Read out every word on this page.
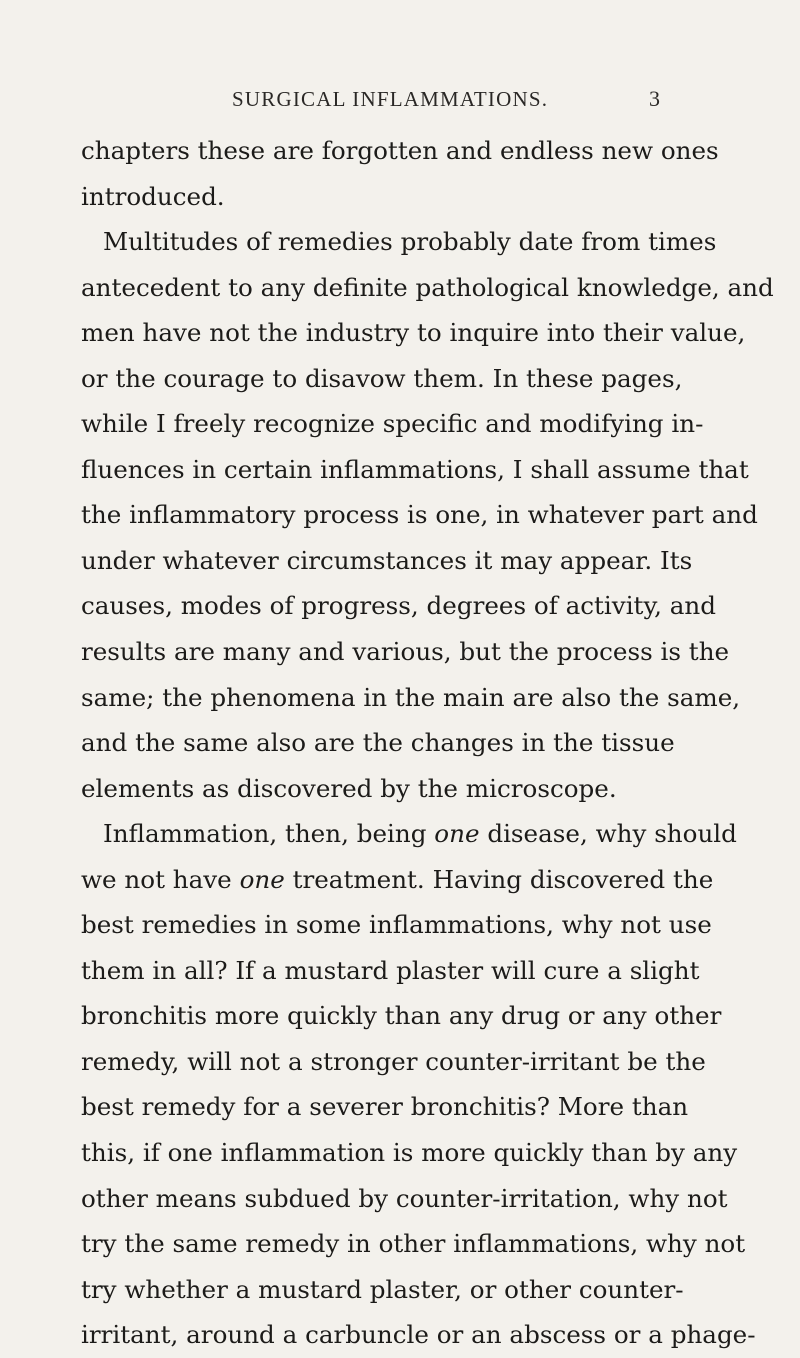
SURGICAL INFLAMMATIONS.	3
chapters these are forgotten and endless new ones
introduced.
Multitudes of remedies probably date from times
antecedent to any definite pathological knowledge, and
men have not the industry to inquire into their value,
or the courage to disavow them. In these pages,
while I freely recognize specific and modifying in-
fluences in certain inflammations, I shall assume that
the inflammatory process is one, in whatever part and
under whatever circumstances it may appear. Its
causes, modes of progress, degrees of activity, and
results are many and various, but the process is the
same; the phenomena in the main are also the same,
and the same also are the changes in the tissue
elements as discovered by the microscope.
Inflammation, then, being one disease, why should
we not have one treatment. Having discovered the
best remedies in some inflammations, why not use
them in all? If a mustard plaster will cure a slight
bronchitis more quickly than any drug or any other
remedy, will not a stronger counter-irritant be the
best remedy for a severer bronchitis? More than
this, if one inflammation is more quickly than by any
other means subdued by counter-irritation, why not
try the same remedy in other inflammations, why not
try whether a mustard plaster, or other counter-
irritant, around a carbuncle or an abscess or a phage-
